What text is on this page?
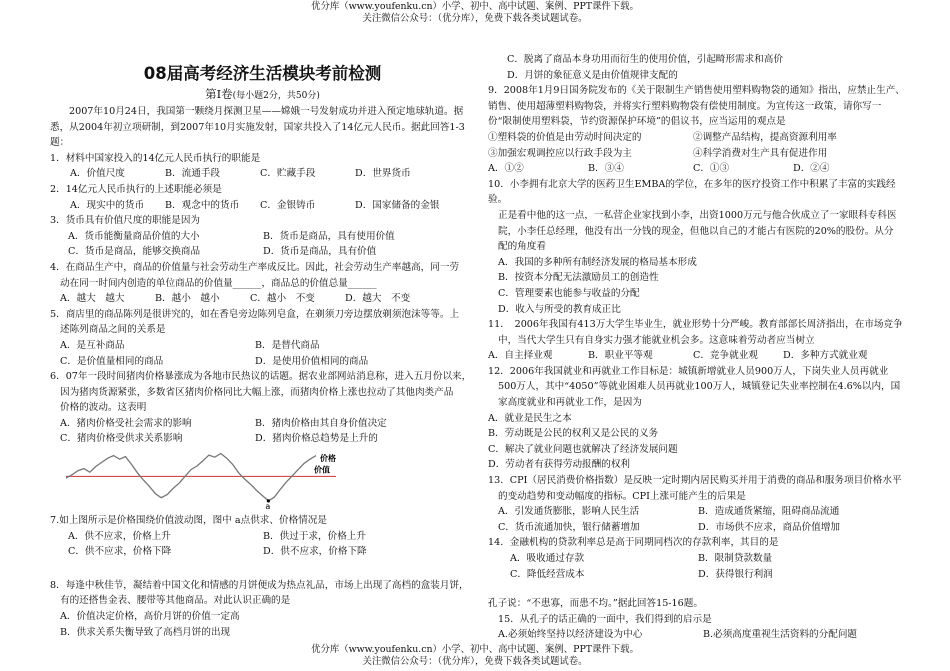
优分库（www.youfenku.cn）小学、初中、高中试题、案例、PPT课件下载。
关注微信公众号：（优分库），免费下载各类试题试卷。
优分库（www.youfenku.cn）小学、初中、高中试题、案例、PPT课件下载。
关注微信公众号：（优分库），免费下载各类试题试卷。
08届高考经济生活模块考前检测
第Ⅰ卷(每小题2分，共50分)

2007年10月24日，我国第一颗绕月探测卫星——嫦娥一号发射成功并进入预定地球轨道。据

悉，从2004年初立项研制，到2007年10月实施发射，国家共投入了14亿元人民币。据此回答1-3

题：

1．材料中国家投入的14亿元人民币执行的职能是

A．价值尺度	B．流通手段	C．贮藏手段	D．世界货币

2．14亿元人民币执行的上述职能必须是

A．现实中的货币	B．观念中的货币	C．金银铸币	D．国家储备的金银

3．货币具有价值尺度的职能是因为

A．货币能衡量商品价值的大小	B．货币是商品，具有使用价值
C．货币是商品，能够交换商品	D．货币是商品，具有价值

4．在商品生产中，商品的价值量与社会劳动生产率成反比。因此，社会劳动生产率越高，同一劳

动在同一时间内创造的单位商品的价值量______，商品总的价值总量______

A．越大　越大	B．越小　越小	C．越小　不变	D．越大　不变

5．商店里的商品陈列是很讲究的，如在香皂旁边陈列皂盒，在剃须刀旁边摆放剃须泡沫等等。上

述陈列商品之间的关系是

A．是互补商品	B．是替代商品
C．是价值量相同的商品	D．是使用价值相同的商品

6．07年一段时间猪肉价格暴涨成为各地市民热议的话题。据农业部网站消息称，进入五月份以来，

因为猪肉货源紧张，多数省区猪肉价格同比大幅上涨，而猪肉价格上涨也拉动了其他肉类产品

价格的波动。这表明

A．猪肉价格受社会需求的影响	B．猪肉价格由其自身价值决定
C．猪肉价格受供求关系影响	D．猪肉价格总趋势是上升的
a
价格
价值

7.如上图所示是价格围绕价值波动图，图中 a点供求、价格情况是

A．供不应求，价格上升	B．供过于求，价格上升
C．供不应求，价格下降	D．供不应求，价格下降

8．每逢中秋佳节，凝结着中国文化和情感的月饼便成为热点礼品，市场上出现了高档的盒装月饼，

有的还搭售金表、腰带等其他商品。对此认识正确的是

A．价值决定价格，高价月饼的价值一定高

B．供求关系失衡导致了高档月饼的出现

C．脱离了商品本身功用而衍生的使用价值，引起畸形需求和高价

D．月饼的象征意义是由价值规律支配的

9．2008年1月9日国务院发布的《关于限制生产销售使用塑料购物袋的通知》指出，应禁止生产、

销售、使用超薄塑料购物袋，并将实行塑料购物袋有偿使用制度。为宣传这一政策，请你写一

份“限制使用塑料袋，节约资源保护环境”的倡议书，应当运用的观点是

①塑料袋的价值是由劳动时间决定的	②调整产品结构，提高资源利用率
③加强宏观调控应以行政手段为主	④科学消费对生产具有促进作用
A．①②	B．③④	C．①③	D．②④

10．小李拥有北京大学的医药卫生EMBA的学位，在多年的医疗投资工作中积累了丰富的实践经验。

正是看中他的这一点，一私营企业家找到小李，出资1000万元与他合伙成立了一家眼科专科医

院，小李任总经理，他没有出一分钱的现金，但他以自己的才能占有医院的20%的股份。从分

配的角度看

A．我国的多种所有制经济发展的格局基本形成

B．按资本分配无法激励员工的创造性

C．管理要素也能参与收益的分配

D．收入与所受的教育成正比

11．　2006年我国有413万大学生毕业生，就业形势十分严峻。教育部部长周济指出，在市场竞争

中，当代大学生只有自身实力强才能就业机会多。这意味着劳动者应当树立

A．自主择业观	B．职业平等观	C．竞争就业观	D．多种方式就业观

12．2006年我国就业和再就业工作目标是：城镇新增就业人员900万人，下岗失业人员再就业

500万人，其中“4050”等就业困难人员再就业100万人，城镇登记失业率控制在4.6%以内，国

家高度就业和再就业工作，是因为

A．就业是民生之本

B．劳动既是公民的权利又是公民的义务

C．解决了就业问题也就解决了经济发展问题

D．劳动者有获得劳动报酬的权利

13．CPI（居民消费价格指数）是反映一定时期内居民购买并用于消费的商品和服务项目价格水平

的变动趋势和变动幅度的指标。CPI上涨可能产生的后果是

A．引发通货膨胀，影响人民生活	B．造成通货紧缩，阻碍商品流通
C．货币流通加快，银行储蓄增加	D．市场供不应求，商品价值增加

14．金融机构的贷款利率总是高于同期同档次的存款利率，其目的是

A．吸收通过存款	B．限制贷款数量
C．降低经营成本	D．获得银行利润

孔子说：“不患寡，而患不均。”据此回答15-16题。

15．从孔子的话正确的一面中，我们得到的启示是

A.必须始终坚持以经济建设为中心	B.必须高度重视生活资料的分配问题
